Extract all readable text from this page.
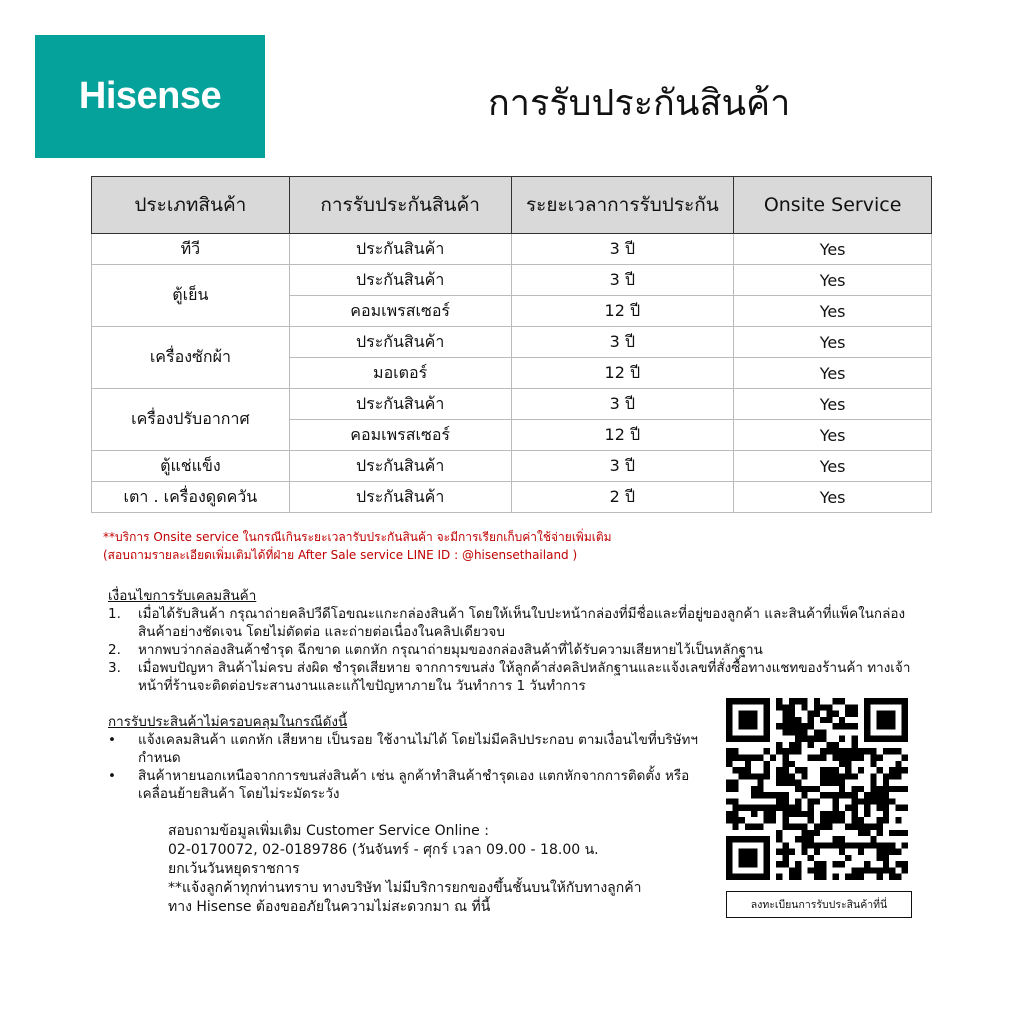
Hisense	การรับประกันสินค้า
ประเภทสินค้า	การรับประกันสินค้า	ระยะเวลาการรับประกัน	Onsite Service
ทีวี	ประกันสินค้า	3 ปี	Yes
ตู้เย็น	ประกันสินค้า	3 ปี	Yes
	คอมเพรสเซอร์	12 ปี	Yes
เครื่องซักผ้า	ประกันสินค้า	3 ปี	Yes
	มอเตอร์	12 ปี	Yes
เครื่องปรับอากาศ	ประกันสินค้า	3 ปี	Yes
	คอมเพรสเซอร์	12 ปี	Yes
ตู้แช่แข็ง	ประกันสินค้า	3 ปี	Yes
เตา . เครื่องดูดควัน	ประกันสินค้า	2 ปี	Yes
**บริการ Onsite service ในกรณีเกินระยะเวลารับประกันสินค้า จะมีการเรียกเก็บค่าใช้จ่ายเพิ่มเติม
(สอบถามรายละเอียดเพิ่มเติมได้ที่ฝ่าย After Sale service LINE ID : @hisensethailand )
เงื่อนไขการรับเคลมสินค้า
1.	เมื่อได้รับสินค้า กรุณาถ่ายคลิปวีดีโอขณะแกะกล่องสินค้า โดยให้เห็นใบปะหน้ากล่องที่มีชื่อและที่อยู่ของลูกค้า และสินค้าที่แพ็คในกล่องสินค้าอย่างชัดเจน โดยไม่ตัดต่อ และถ่ายต่อเนื่องในคลิปเดียวจบ
2.	หากพบว่ากล่องสินค้าชำรุด ฉีกขาด แตกหัก กรุณาถ่ายมุมของกล่องสินค้าที่ได้รับความเสียหายไว้เป็นหลักฐาน
3.	เมื่อพบปัญหา สินค้าไม่ครบ ส่งผิด ชำรุดเสียหาย จากการขนส่ง ให้ลูกค้าส่งคลิปหลักฐานและแจ้งเลขที่สั่งซื้อทางแชทของร้านค้า ทางเจ้าหน้าที่ร้านจะติดต่อประสานงานและแก้ไขปัญหาภายใน วันทำการ 1 วันทำการ
การรับประสินค้าไม่ครอบคลุมในกรณีดังนี้
•	แจ้งเคลมสินค้า แตกหัก เสียหาย เป็นรอย ใช้งานไม่ได้ โดยไม่มีคลิปประกอบ ตามเงื่อนไขที่บริษัทฯ กำหนด
•	สินค้าหายนอกเหนือจากการขนส่งสินค้า เช่น ลูกค้าทำสินค้าชำรุดเอง แตกหักจากการติดตั้ง หรือ เคลื่อนย้ายสินค้า โดยไม่ระมัดระวัง
สอบถามข้อมูลเพิ่มเติม Customer Service Online :
02-0170072, 02-0189786 (วันจันทร์ - ศุกร์ เวลา 09.00 - 18.00 น.
ยกเว้นวันหยุดราชการ
**แจ้งลูกค้าทุกท่านทราบ ทางบริษัท ไม่มีบริการยกของขึ้นชั้นบนให้กับทางลูกค้า
ทาง Hisense ต้องขออภัยในความไม่สะดวกมา ณ ที่นี้	ลงทะเบียนการรับประสินค้าที่นี่
